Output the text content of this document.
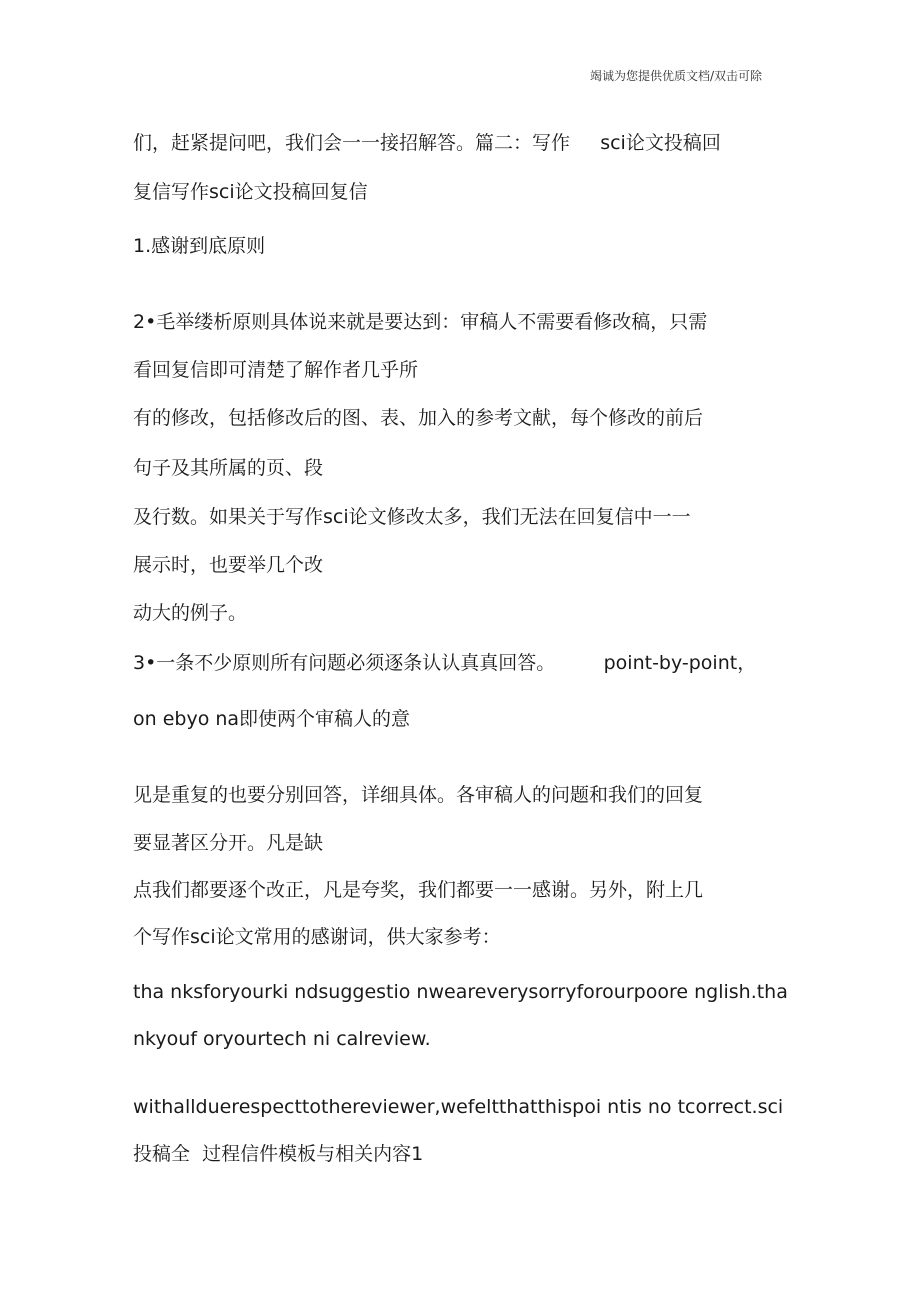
竭诚为您提供优质文档/双击可除
们，赶紧提问吧，我们会一一接招解答。篇二：写作     sci论文投稿回
复信写作sci论文投稿回复信
1.感谢到底原则
2•毛举缕析原则具体说来就是要达到：审稿人不需要看修改稿，只需
看回复信即可清楚了解作者几乎所
有的修改，包括修改后的图、表、加入的参考文献，每个修改的前后
句子及其所属的页、段
及行数。如果关于写作sci论文修改太多，我们无法在回复信中一一
展示时，也要举几个改
动大的例子。
3•一条不少原则所有问题必须逐条认认真真回答。        point-by-point，
on ebyo na即使两个审稿人的意
见是重复的也要分别回答，详细具体。各审稿人的问题和我们的回复
要显著区分开。凡是缺
点我们都要逐个改正，凡是夸奖，我们都要一一感谢。另外，附上几
个写作sci论文常用的感谢词，供大家参考：
tha nksforyourki ndsuggestio nweareverysorryforourpoore nglish.tha
nkyouf oryourtech ni calreview.
withallduerespecttothereviewer,wefeltthatthispoi ntis no tcorrect.sci
投稿全  过程信件模板与相关内容1
